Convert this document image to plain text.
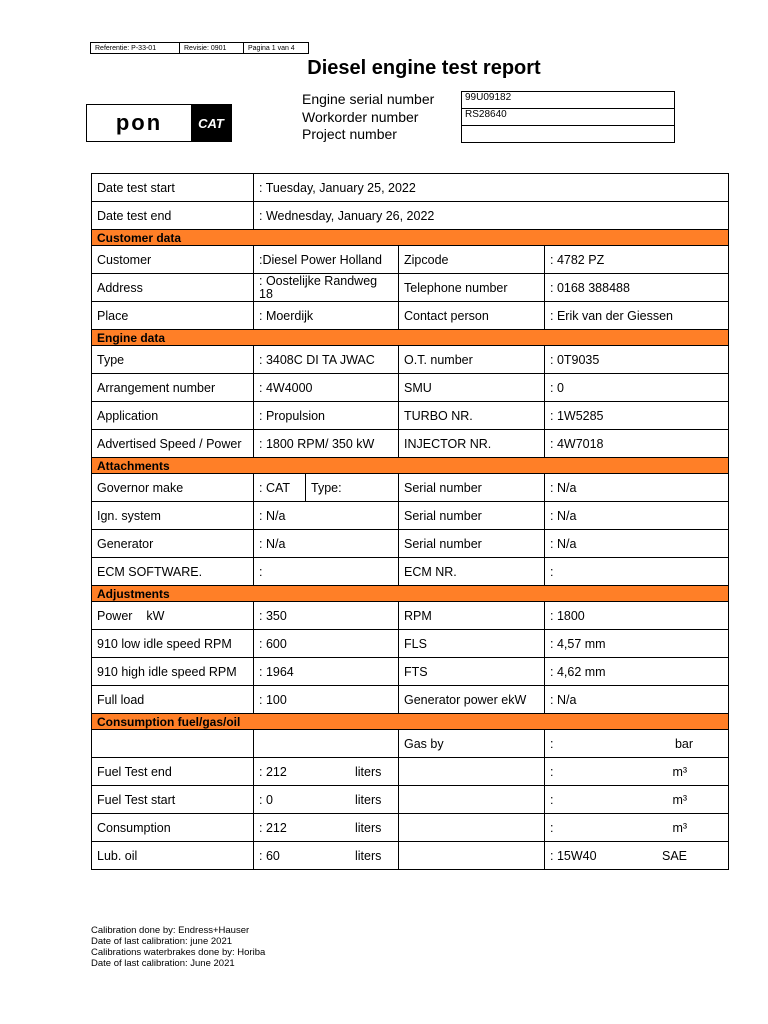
Referentie: P-33-01	Revisie: 0901	Pagina 1 van 4
Diesel engine test report
pon	CAT
Engine serial number
Workorder number
Project number
99U09182
RS28640

Date test start	: Tuesday, January 25, 2022			
Date test end	: Wednesday, January 26, 2022			
Customer data				
Customer	:Diesel Power Holland		Zipcode	: 4782 PZ
Address	: Oostelijke Randweg 18		Telephone number	: 0168 388488
Place	: Moerdijk		Contact person	: Erik van der Giessen
Engine data				
Type	: 3408C DI TA JWAC		O.T. number	: 0T9035
Arrangement number	: 4W4000		SMU	: 0
Application	: Propulsion		TURBO NR.	: 1W5285
Advertised Speed / Power	: 1800 RPM/ 350 kW		INJECTOR NR.	: 4W7018
Attachments				
Governor make	: CAT	Type:	Serial number	: N/a
Ign. system	: N/a		Serial number	: N/a
Generator	: N/a		Serial number	: N/a
ECM SOFTWARE.	:		ECM NR.	:
Adjustments				
Power    kW	: 350		RPM	: 1800
910 low idle speed RPM	: 600		FLS	: 4,57 mm
910 high idle speed RPM	: 1964		FTS	: 4,62 mm
Full load	: 100		Generator power ekW	: N/a
Consumption fuel/gas/oil				
			Gas by	: bar

Fuel Test end	: 212 liters			: m³

Fuel Test start	: 0 liters			: m³

Consumption	: 212 liters			: m³

Lub. oil	: 60 liters			: 15W40 SAE
Calibration done by: Endress+Hauser
Date of last calibration: june 2021
Calibrations waterbrakes done by: Horiba
Date of last calibration: June 2021
